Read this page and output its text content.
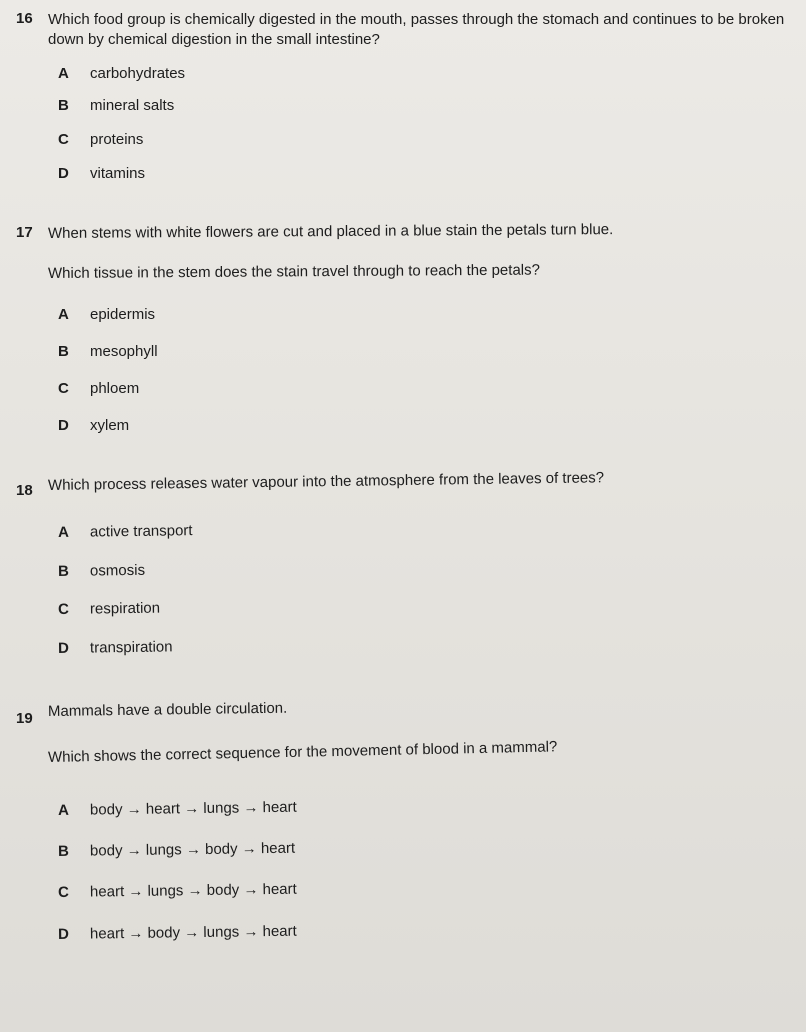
16 Which food group is chemically digested in the mouth, passes through the stomach and continues to be broken down by chemical digestion in the small intestine?
A carbohydrates
B mineral salts
C proteins
D vitamins
17 When stems with white flowers are cut and placed in a blue stain the petals turn blue.
Which tissue in the stem does the stain travel through to reach the petals?
A epidermis
B mesophyll
C phloem
D xylem
18 Which process releases water vapour into the atmosphere from the leaves of trees?
A active transport
B osmosis
C respiration
D transpiration
19 Mammals have a double circulation.
Which shows the correct sequence for the movement of blood in a mammal?
A body → heart → lungs → heart
B body → lungs → body → heart
C heart → lungs → body → heart
D heart → body → lungs → heart
